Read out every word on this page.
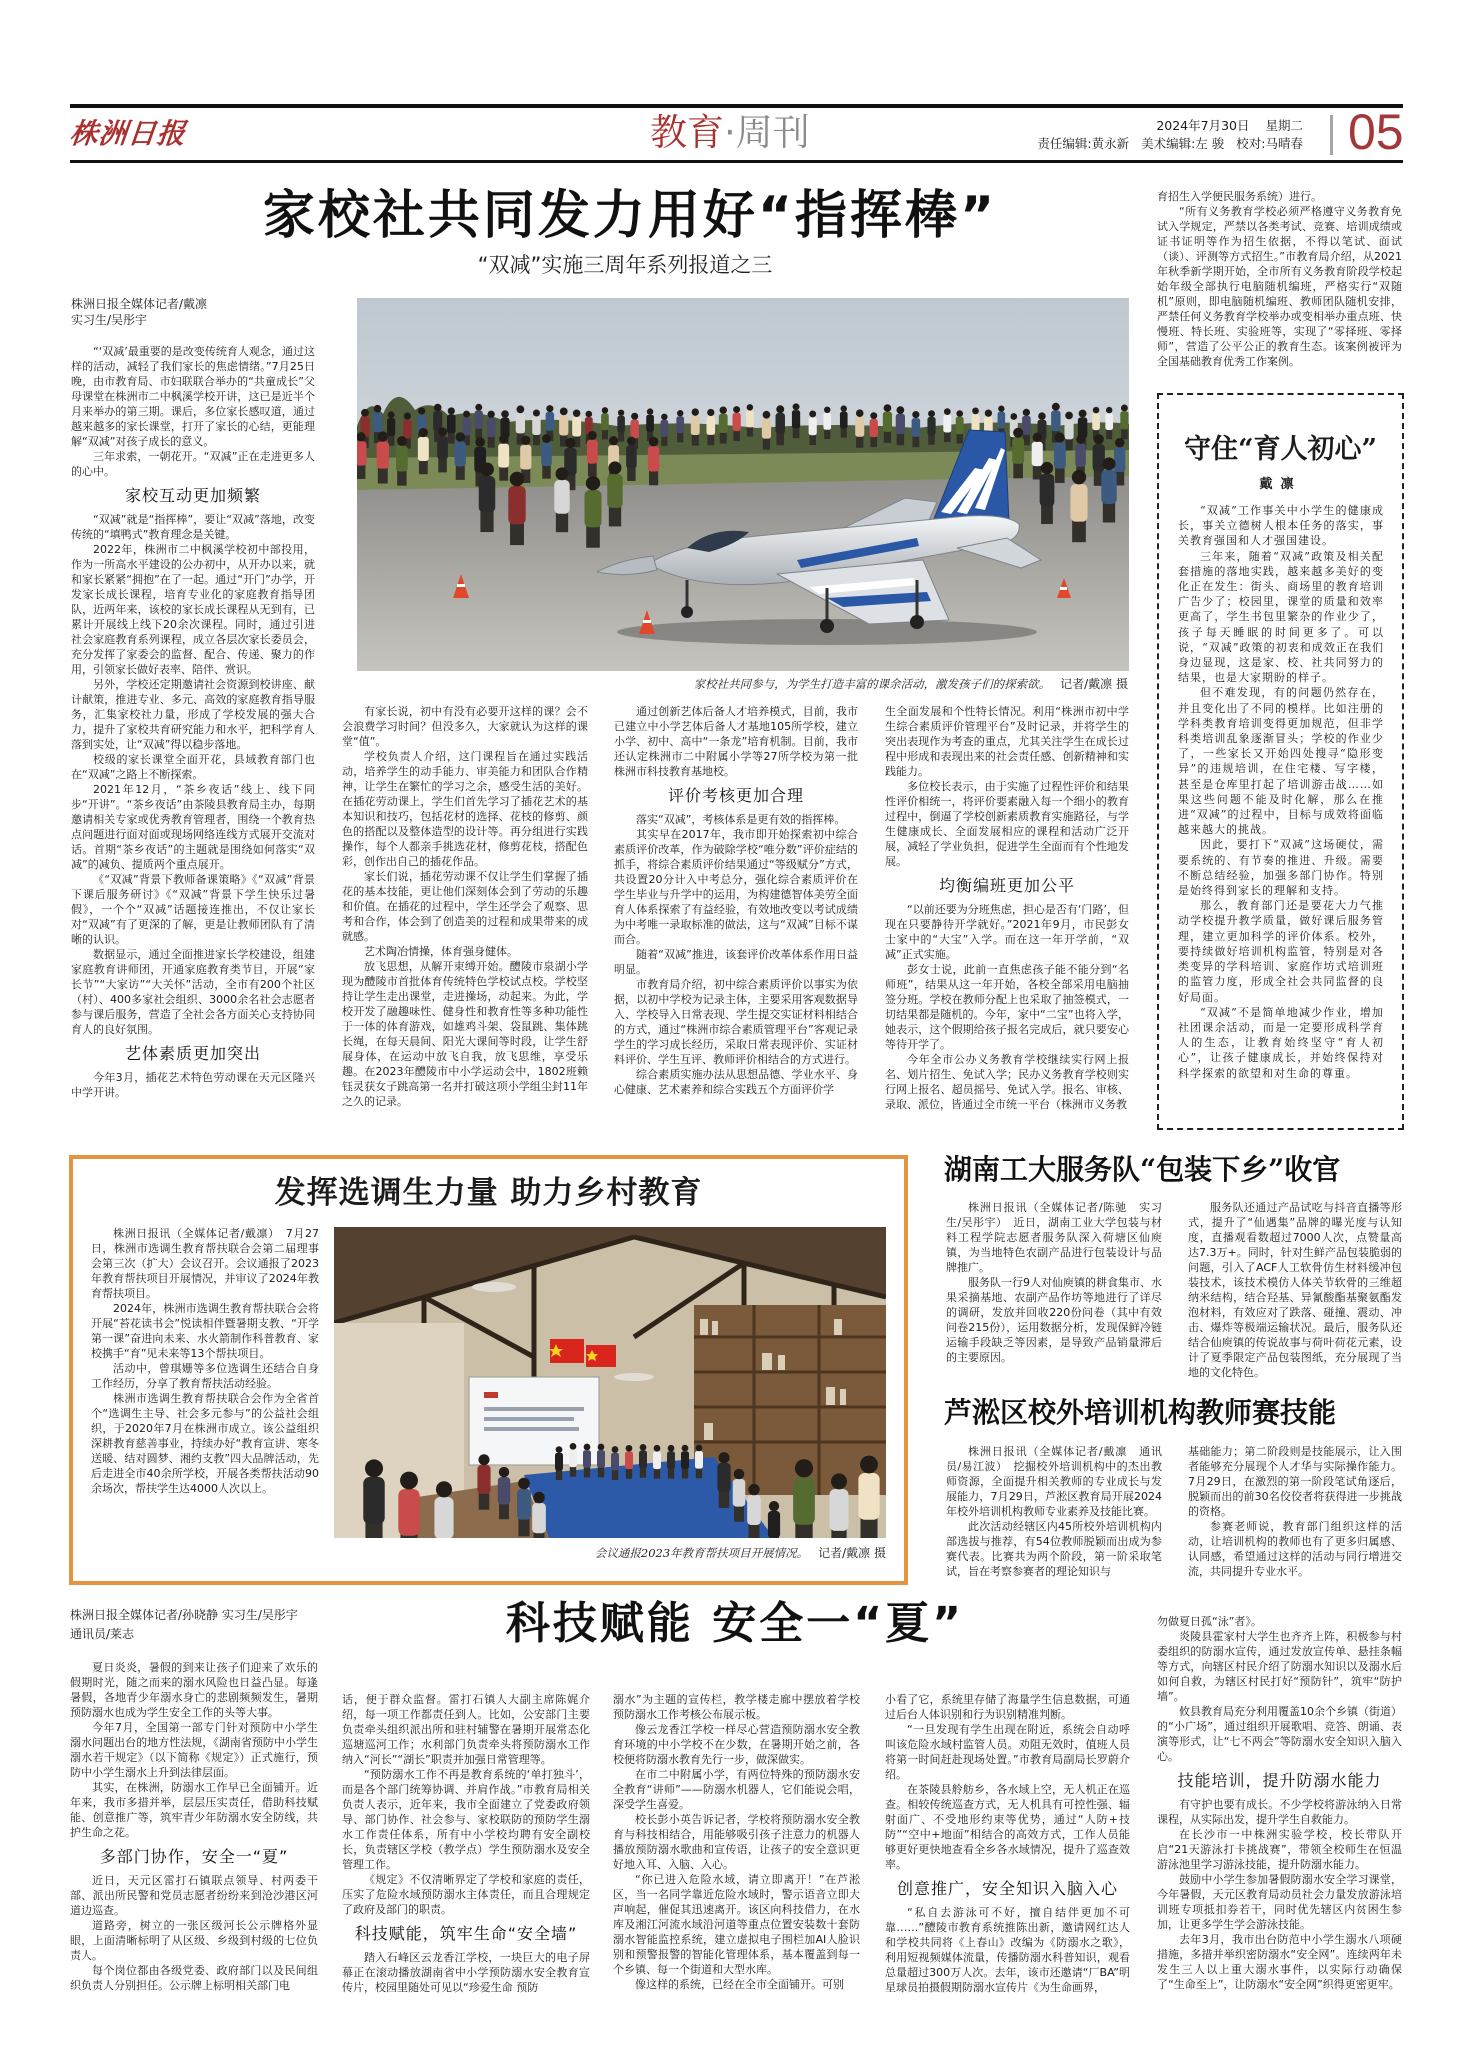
株洲日报	教育·周刊	2024年7月30日 星期二
责任编辑:黄永新 美术编辑:左 骏 校对:马晴春 05
家校社共同发力用好“指挥棒”
“双减”实施三周年系列报道之三
株洲日报全媒体记者/戴凛
实习生/吴彤宇

“‘双减’最重要的是改变传统育人观念，通过这样的活动，减轻了我们家长的焦虑情绪。”7月25日晚，由市教育局、市妇联联合举办的“共童成长”父母课堂在株洲市二中枫溪学校开讲，这已是近半个月来举办的第三期。课后，多位家长感叹道，通过越来越多的家长课堂，打开了家长的心结，更能理解“双减”对孩子成长的意义。

三年求索，一朝花开。“双减”正在走进更多人的心中。

家校互动更加频繁

“双减”就是“指挥棒”，要让“双减”落地，改变传统的“填鸭式”教育理念是关键。

2022年，株洲市二中枫溪学校初中部投用，作为一所高水平建设的公办初中，从开办以来，就和家长紧紧“拥抱”在了一起。通过“开门”办学，开发家长成长课程，培育专业化的家庭教育指导团队，近两年来，该校的家长成长课程从无到有，已累计开展线上线下20余次课程。同时，通过引进社会家庭教育系列课程，成立各层次家长委员会，充分发挥了家委会的监督、配合、传递、聚力的作用，引领家长做好表率、陪伴、赏识。

另外，学校还定期邀请社会资源到校讲座、献计献策，推进专业、多元、高效的家庭教育指导服务，汇集家校社力量，形成了学校发展的强大合力，提升了家校共育研究能力和水平，把科学育人落到实处，让“双减”得以稳步落地。

校级的家长课堂全面开花，县域教育部门也在“双减”之路上不断探索。

2021年12月，“茶乡夜话”线上、线下同步“开讲”。“茶乡夜话”由茶陵县教育局主办，每期邀请相关专家或优秀教育管理者，围绕一个教育热点问题进行面对面或现场网络连线方式展开交流对话。首期“茶乡夜话”的主题就是围绕如何落实“双减”的减负、提质两个重点展开。

《“双减”背景下教师备课策略》《“双减”背景下课后服务研讨》《“双减”背景下学生快乐过暑假》，一个个“双减”话题接连推出，不仅让家长对“双减”有了更深的了解，更是让教师团队有了清晰的认识。

数据显示，通过全面推进家长学校建设，组建家庭教育讲师团，开通家庭教育类节目，开展“家长节”“大家访”“大关怀”活动，全市有200个社区（村）、400多家社会组织、3000余名社会志愿者参与课后服务，营造了全社会各方面关心支持协同育人的良好氛围。

艺体素质更加突出

今年3月，插花艺术特色劳动课在天元区隆兴中学开讲。

家校社共同参与，为学生打造丰富的课余活动，激发孩子们的探索欲。 记者/戴凛 摄

有家长说，初中有没有必要开这样的课？会不会浪费学习时间？但没多久，大家就认为这样的课堂“值”。

学校负责人介绍，这门课程旨在通过实践活动，培养学生的动手能力、审美能力和团队合作精神，让学生在繁忙的学习之余，感受生活的美好。在插花劳动课上，学生们首先学习了插花艺术的基本知识和技巧，包括花材的选择、花枝的修剪、颜色的搭配以及整体造型的设计等。再分组进行实践操作，每个人都亲手挑选花材，修剪花枝，搭配色彩，创作出自己的插花作品。

家长们说，插花劳动课不仅让学生们掌握了插花的基本技能，更让他们深刻体会到了劳动的乐趣和价值。在插花的过程中，学生还学会了观察、思考和合作，体会到了创造美的过程和成果带来的成就感。

艺术陶冶情操，体育强身健体。

放飞思想，从解开束缚开始。醴陵市泉湖小学现为醴陵市首批体育传统特色学校试点校。学校坚持让学生走出课堂，走进操场，动起来。为此，学校开发了融趣味性、健身性和教育性等多种功能性于一体的体育游戏，如雄鸡斗架、袋鼠跳、集体跳长绳，在每天晨间、阳光大课间等时段，让学生舒展身体，在运动中放飞自我，放飞思维，享受乐趣。在2023年醴陵市中小学运动会中，1802班赖钰灵获女子跳高第一名并打破这项小学组尘封11年之久的记录。

通过创新艺体后备人才培养模式，目前，我市已建立中小学艺体后备人才基地105所学校，建立小学、初中、高中“一条龙”培育机制。目前，我市还认定株洲市二中附属小学等27所学校为第一批株洲市科技教育基地校。

评价考核更加合理

落实“双减”，考核体系是更有效的指挥棒。

其实早在2017年，我市即开始探索初中综合素质评价改革，作为破除学校“唯分数”评价症结的抓手，将综合素质评价结果通过“等级赋分”方式，共设置20分计入中考总分，强化综合素质评价在学生毕业与升学中的运用，为构建德智体美劳全面育人体系探索了有益经验，有效地改变以考试成绩为中考唯一录取标准的做法，这与“双减”目标不谋而合。

随着“双减”推进，该套评价改革体系作用日益明显。

市教育局介绍，初中综合素质评价以事实为依据，以初中学校为记录主体，主要采用客观数据导入、学校导入日常表现、学生提交实证材料相结合的方式，通过“株洲市综合素质管理平台”客观记录学生的学习成长经历，采取日常表现评价、实证材料评价、学生互评、教师评价相结合的方式进行。

综合素质实施办法从思想品德、学业水平、身心健康、艺术素养和综合实践五个方面评价学

生全面发展和个性特长情况。利用“株洲市初中学生综合素质评价管理平台”及时记录，并将学生的突出表现作为考查的重点，尤其关注学生在成长过程中形成和表现出来的社会责任感、创新精神和实践能力。

多位校长表示，由于实施了过程性评价和结果性评价相统一，将评价要素融入每一个细小的教育过程中，倒逼了学校创新素质教育实施路径，与学生健康成长、全面发展相应的课程和活动广泛开展，减轻了学业负担，促进学生全面而有个性地发展。

均衡编班更加公平

“以前还要为分班焦虑，担心是否有‘门路’，但现在只要静待开学就好。”2021年9月，市民彭女士家中的“大宝”入学。而在这一年开学前，“双减”正式实施。

彭女士说，此前一直焦虑孩子能不能分到“名师班”，结果从这一年开始，各校全部采用电脑抽签分班。学校在教师分配上也采取了抽签模式，一切结果都是随机的。今年，家中“二宝”也将入学，她表示，这个假期给孩子报名完成后，就只要安心等待开学了。

今年全市公办义务教育学校继续实行网上报名、划片招生、免试入学；民办义务教育学校则实行网上报名、超员摇号、免试入学。报名、审核、录取、派位，皆通过全市统一平台（株洲市义务教

育招生入学便民服务系统）进行。

“所有义务教育学校必须严格遵守义务教育免试入学规定，严禁以各类考试、竞赛、培训成绩或证书证明等作为招生依据，不得以笔试、面试（谈）、评测等方式招生。”市教育局介绍，从2021年秋季新学期开始，全市所有义务教育阶段学校起始年级全部执行电脑随机编班，严格实行“双随机”原则，即电脑随机编班、教师团队随机安排，严禁任何义务教育学校举办或变相举办重点班、快慢班、特长班、实验班等，实现了“零择班、零择师”，营造了公平公正的教育生态。该案例被评为全国基础教育优秀工作案例。

守住“育人初心”
戴凛

“双减”工作事关中小学生的健康成长，事关立德树人根本任务的落实，事关教育强国和人才强国建设。

三年来，随着“双减”政策及相关配套措施的落地实践，越来越多美好的变化正在发生：街头、商场里的教育培训广告少了；校园里，课堂的质量和效率更高了，学生书包里繁杂的作业少了，孩子每天睡眠的时间更多了。可以说，“双减”政策的初衷和成效正在我们身边显现，这是家、校、社共同努力的结果，也是大家期盼的样子。

但不难发现，有的问题仍然存在，并且变化出了不同的模样。比如注册的学科类教育培训变得更加规范，但非学科类培训乱象逐渐冒头；学校的作业少了，一些家长又开始四处搜寻“隐形变异”的违规培训，在住宅楼、写字楼，甚至是仓库里打起了培训游击战……如果这些问题不能及时化解，那么在推进“双减”的过程中，目标与成效将面临越来越大的挑战。

因此，要打下“双减”这场硬仗，需要系统的、有节奏的推进、升级。需要不断总结经验，加强多部门协作。特别是始终得到家长的理解和支持。

那么，教育部门还是要花大力气推动学校提升教学质量，做好课后服务管理，建立更加科学的评价体系。校外，要持续做好培训机构监管，特别是对各类变异的学科培训、家庭作坊式培训班的监管力度，形成全社会共同监督的良好局面。

“双减”不是简单地减少作业，增加社团课余活动，而是一定要形成科学育人的生态，让教育始终坚守“育人初心”，让孩子健康成长，并始终保持对科学探索的欲望和对生命的尊重。

发挥选调生力量 助力乡村教育

株洲日报讯（全媒体记者/戴凛）　7月27日，株洲市选调生教育帮扶联合会第二届理事会第三次（扩大）会议召开。会议通报了2023年教育帮扶项目开展情况，并审议了2024年教育帮扶项目。

2024年，株洲市选调生教育帮扶联合会将开展“苔花读书会”悦读相伴暨暑期支教、“开学第一课”奋进向未来、水火箭制作科普教育、家校携手“育”见未来等13个帮扶项目。

活动中，曾琪姗等多位选调生还结合自身工作经历，分享了教育帮扶活动经验。

株洲市选调生教育帮扶联合会作为全省首个“选调生主导、社会多元参与”的公益社会组织，于2020年7月在株洲市成立。该公益组织深耕教育慈善事业，持续办好“教育宣讲、寒冬送暖、结对圆梦、湘约支教”四大品牌活动，先后走进全市40余所学校，开展各类帮扶活动90余场次，帮扶学生达4000人次以上。

会议通报2023年教育帮扶项目开展情况。 记者/戴凛 摄
湖南工大服务队“包装下乡”收官

株洲日报讯（全媒体记者/陈驰　实习生/吴彤宇）　近日，湖南工业大学包装与材料工程学院志愿者服务队深入荷塘区仙庾镇，为当地特色农副产品进行包装设计与品牌推广。

服务队一行9人对仙庾镇的耕食集市、水果采摘基地、农副产品作坊等地进行了详尽的调研，发放并回收220份问卷（其中有效问卷215份），运用数据分析，发现保鲜冷链运输手段缺乏等因素，是导致产品销量滞后的主要原因。

服务队还通过产品试吃与抖音直播等形式，提升了“仙遇集”品牌的曝光度与认知度，直播观看数超过7000人次，点赞量高达7.3万+。同时，针对生鲜产品包装脆弱的问题，引入了ACF人工软骨仿生材料缓冲包装技术，该技术模仿人体关节软骨的三维超纳米结构，结合羟基、异氰酸酯基聚氨酯发泡材料，有效应对了跌落、碰撞、震动、冲击、爆炸等极端运输状况。最后，服务队还结合仙庾镇的传说故事与荷叶荷花元素，设计了夏季限定产品包装图纸，充分展现了当地的文化特色。

芦淞区校外培训机构教师赛技能

株洲日报讯（全媒体记者/戴凛　通讯员/易江波）　挖掘校外培训机构中的杰出教师资源，全面提升相关教师的专业成长与发展能力，7月29日，芦淞区教育局开展2024年校外培训机构教师专业素养及技能比赛。

此次活动经辖区内45所校外培训机构内部选拔与推荐，有54位教师脱颖而出成为参赛代表。比赛共为两个阶段，第一阶采取笔试，旨在考察参赛者的理论知识与

基础能力；第二阶段则是技能展示，让入围者能够充分展现个人才华与实际操作能力。7月29日，在激烈的第一阶段笔试角逐后，脱颖而出的前30名佼佼者将获得进一步挑战的资格。

参赛老师说，教育部门组织这样的活动，让培训机构的教师也有了更多归属感、认同感，希望通过这样的活动与同行增进交流，共同提升专业水平。

株洲日报全媒体记者/孙晓静 实习生/吴彤宇
通讯员/莱志	科技赋能 安全一“夏”

夏日炎炎，暑假的到来让孩子们迎来了欢乐的假期时光，随之而来的溺水风险也日益凸显。每逢暑假，各地青少年溺水身亡的悲剧频频发生，暑期预防溺水也成为学生安全工作的头等大事。

今年7月，全国第一部专门针对预防中小学生溺水问题出台的地方性法规，《湖南省预防中小学生溺水若干规定》（以下简称《规定》）正式施行，预防中小学生溺水上升到法律层面。

其实，在株洲，防溺水工作早已全面铺开。近年来，我市多措并举，层层压实责任，借助科技赋能、创意推广等，筑牢青少年防溺水安全防线，共护生命之花。

多部门协作，安全一“夏”

近日，天元区雷打石镇联点领导、村两委干部、派出所民警和党员志愿者纷纷来到沧沙港区河道边巡查。

道路旁，树立的一张区级河长公示牌格外显眼，上面清晰标明了从区级、乡级到村级的七位负责人。

每个岗位都由各级党委、政府部门以及民间组织负责人分别担任。公示牌上标明相关部门电

话，便于群众监督。雷打石镇人大副主席陈娓介绍，每一项工作都责任到人。比如，公安部门主要负责牵头组织派出所和驻村辅警在暑期开展常态化巡塘巡河工作；水利部门负责牵头将预防溺水工作纳入“河长”“湖长”职责并加强日常管理等。

“预防溺水工作不再是教育系统的‘单打独斗’，而是各个部门统筹协调、并肩作战。”市教育局相关负责人表示，近年来，我市全面建立了党委政府领导、部门协作、社会参与、家校联防的预防学生溺水工作责任体系，所有中小学校均聘有安全副校长，负责辖区学校（教学点）学生预防溺水及安全管理工作。

《规定》不仅清晰界定了学校和家庭的责任，压实了危险水域预防溺水主体责任，而且合理规定了政府及部门的职责。

科技赋能，筑牢生命“安全墙”

踏入石峰区云龙香江学校，一块巨大的电子屏幕正在滚动播放湖南省中小学预防溺水安全教育宣传片，校园里随处可见以“珍爱生命 预防

溺水”为主题的宣传栏，教学楼走廊中摆放着学校预防溺水工作考核公布展示板。

像云龙香江学校一样尽心营造预防溺水安全教育环境的中小学校不在少数，在暑期开始之前，各校便将防溺水教育先行一步，做深做实。

在市二中附属小学，有两位特殊的预防溺水安全教育“讲师”——防溺水机器人，它们能说会唱，深受学生喜爱。

校长彭小英告诉记者，学校将预防溺水安全教育与科技相结合，用能够吸引孩子注意力的机器人播放预防溺水歌曲和宣传语，让孩子的安全意识更好地入耳、入脑、入心。

“你已进入危险水域，请立即离开！”在芦淞区，当一名同学靠近危险水域时，警示语音立即大声响起，催促其迅速离开。该区向科技借力，在水库及湘江河流水域沿河道等重点位置安装数十套防溺水智能监控系统，建立虚拟电子围栏加AI人脸识别和预警报警的智能化管理体系，基本覆盖到每一个乡镇、每一个街道和大型水库。

像这样的系统，已经在全市全面铺开。可别

小看了它，系统里存储了海量学生信息数据，可通过后台人体识别和行为识别精准判断。

“一旦发现有学生出现在附近，系统会自动呼叫该危险水域村监管人员。劝阻无效时，值班人员将第一时间赶赴现场处置。”市教育局副局长罗蔚介绍。

在茶陵县舲舫乡，各水域上空，无人机正在巡查。相较传统巡查方式，无人机具有可控性强、辐射面广、不受地形约束等优势，通过“人防+技防”“空中+地面”相结合的高效方式，工作人员能够更好更快地查看全乡各水域情况，提升了巡查效率。

创意推广，安全知识入脑入心

“私自去游泳可不好，擅自结伴更加不可靠……”醴陵市教育系统推陈出新，邀请网红达人和学校共同将《上春山》改编为《防溺水之歌》，利用短视频媒体流量，传播防溺水科普知识，观看总量超过300万人次。去年，该市还邀请“厂BA”明星球员拍摄假期防溺水宣传片《为生命画界，

勿做夏日孤“泳”者》。

炎陵县霍家村大学生也齐齐上阵，积极参与村委组织的防溺水宣传，通过发放宣传单、悬挂条幅等方式，向辖区村民介绍了防溺水知识以及溺水后如何自救，为辖区村民打好“预防针”，筑牢“防护墙”。

攸县教育局充分利用覆盖10余个乡镇（街道）的“小广场”，通过组织开展歌唱、竞答、朗诵、表演等形式，让“七不两会”等防溺水安全知识入脑入心。

技能培训，提升防溺水能力

有守护也要有成长。不少学校将游泳纳入日常课程，从实际出发，提升学生自救能力。

在长沙市一中株洲实验学校，校长带队开启“21天游泳打卡挑战赛”，带领全校师生在恒温游泳池里学习游泳技能，提升防溺水能力。

鼓励中小学生参加暑假防溺水安全学习课堂，今年暑假，天元区教育局动员社会力量发放游泳培训班专项抵扣券若干，同时优先辖区内贫困生参加，让更多学生学会游泳技能。

去年3月，我市出台防范中小学生溺水八项硬措施，多措并举织密防溺水“安全网”。连续两年未发生三人以上重大溺水事件，以实际行动确保了“生命至上”，让防溺水“安全网”织得更密更牢。
